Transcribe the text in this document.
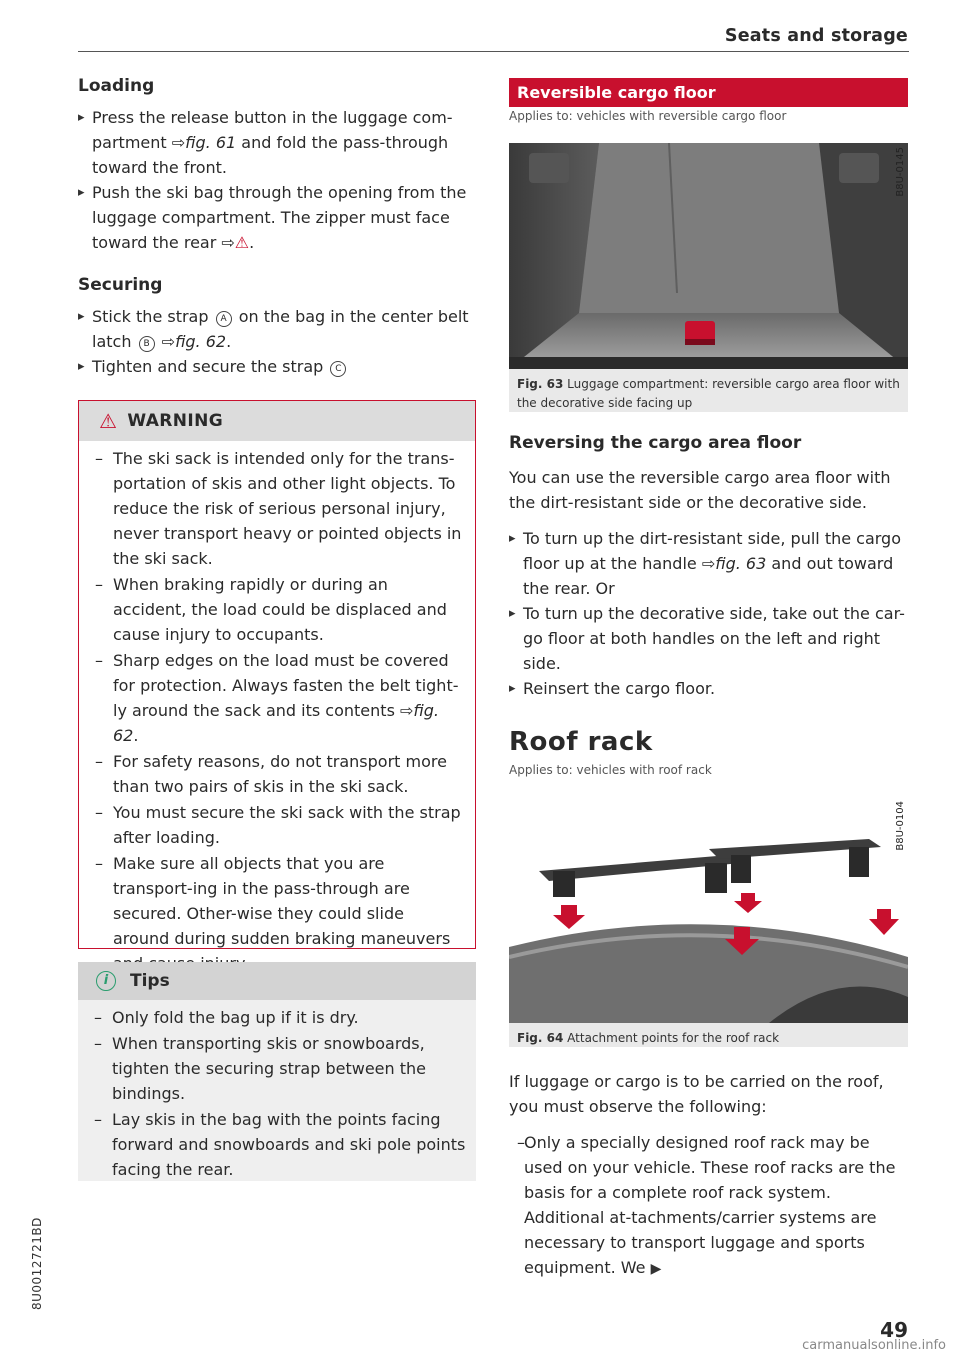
Seats and storage

Loading

▸ Press the release button in the luggage com-partment ⇨fig. 61 and fold the pass-through toward the front.

▸ Push the ski bag through the opening from the luggage compartment. The zipper must face toward the rear ⇨⚠.

Securing

▸ Stick the strap A on the bag in the center belt latch B ⇨fig. 62.

▸ Tighten and secure the strap C

⚠ WARNING

– The ski sack is intended only for the trans-portation of skis and other light objects. To reduce the risk of serious personal injury, never transport heavy or pointed objects in the ski sack.

– When braking rapidly or during an accident, the load could be displaced and cause injury to occupants.

– Sharp edges on the load must be covered for protection. Always fasten the belt tight-ly around the sack and its contents ⇨fig. 62.

– For safety reasons, do not transport more than two pairs of skis in the ski sack.

– You must secure the ski sack with the strap after loading.

– Make sure all objects that you are transport-ing in the pass-through are secured. Other-wise they could slide around during sudden braking maneuvers

i	Tips

– Only fold the bag up if it is dry.

– When transporting skis or snowboards, tighten the securing strap between the bindings.

– Lay skis in the bag with the points facing forward and snowboards and ski pole points facing the rear.

Reversible cargo floor
Applies to: vehicles with reversible cargo floor
B8U-0145
Fig. 63 Luggage compartment: reversible cargo area floor with the decorative side facing up

Reversing the cargo area floor

You can use the reversible cargo area floor with the dirt-resistant side or the decorative side.

▸ To turn up the dirt-resistant side, pull the cargo floor up at the handle ⇨fig. 63 and out toward the rear. Or

▸ To turn up the decorative side, take out the car-go floor at both handles on the left and right side.

▸ Reinsert the cargo floor.

Roof rack
Applies to: vehicles with roof rack
B8U-0104
Fig. 64 Attachment points for the roof rack

If luggage or cargo is to be carried on the roof, you must observe the following:

– Only a specially designed roof rack may be used on your vehicle. These roof racks are the basis for a complete roof rack system. Additional at-tachments/carrier systems are necessary to transport luggage and sports equipment. We ▶

8U0012721BD
49
carmanualsonline.info
